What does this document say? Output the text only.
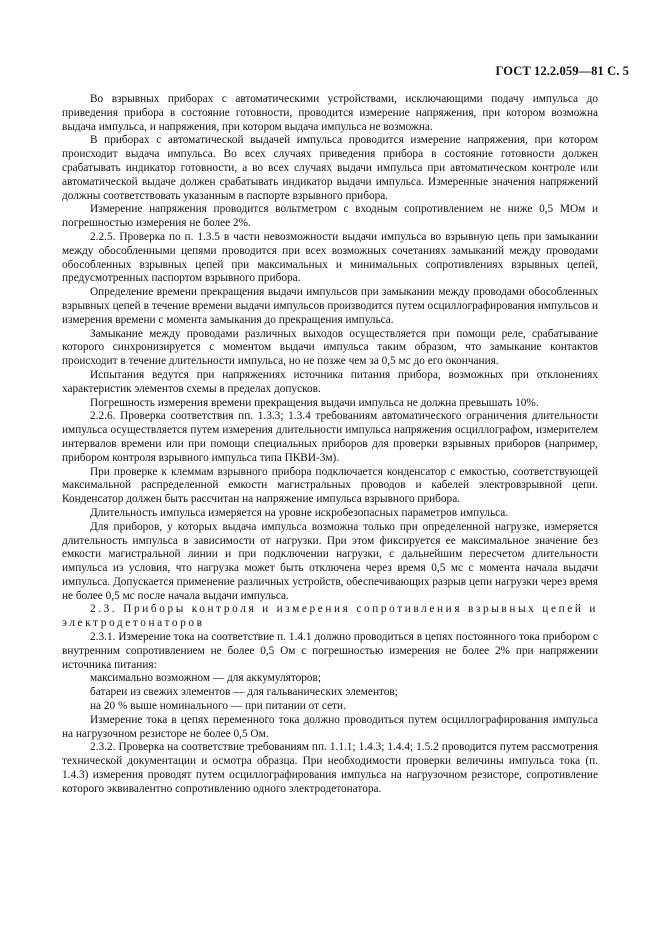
ГОСТ 12.2.059—81 С. 5

Во взрывных приборах с автоматическими устройствами, исключающими подачу импульса до приведения прибора в состояние готовности, проводится измерение напряжения, при котором возможна выдача импульса, и напряжения, при котором выдача импульса не возможна.

В приборах с автоматической выдачей импульса проводится измерение напряжения, при котором происходит выдача импульса. Во всех случаях приведения прибора в состояние готовности должен срабатывать индикатор готовности, а во всех случаях выдачи импульса при автоматическом контроле или автоматической выдаче должен срабатывать индикатор выдачи импульса. Измеренные значения напряжений должны соответствовать указанным в паспорте взрывного прибора.

Измерение напряжения проводится вольтметром с входным сопротивлением не ниже 0,5 МОм и погрешностью измерения не более 2%.

2.2.5. Проверка по п. 1.3.5 в части невозможности выдачи импульса во взрывную цепь при замыкании между обособленными цепями проводится при всех возможных сочетаниях замыканий между проводами обособленных взрывных цепей при максимальных и минимальных сопротивлениях взрывных цепей, предусмотренных паспортом взрывного прибора.

Определение времени прекращения выдачи импульсов при замыкании между проводами обособленных взрывных цепей в течение времени выдачи импульсов производится путем осциллографирования импульсов и измерения времени с момента замыкания до прекращения импульса.

Замыкание между проводами различных выходов осуществляется при помощи реле, срабатывание которого синхронизируется с моментом выдачи импульса таким образом, что замыкание контактов происходит в течение длительности импульса, но не позже чем за 0,5 мс до его окончания.

Испытания ведутся при напряжениях источника питания прибора, возможных при отклонениях характеристик элементов схемы в пределах допусков.

Погрешность измерения времени прекращения выдачи импульса не должна превышать 10%.

2.2.6. Проверка соответствия пп. 1.3.3; 1.3.4 требованиям автоматического ограничения длительности импульса осуществляется путем измерения длительности импульса напряжения осциллографом, измерителем интервалов времени или при помощи специальных приборов для проверки взрывных приборов (например, прибором контроля взрывного импульса типа ПКВИ-3м).

При проверке к клеммам взрывного прибора подключается конденсатор с емкостью, соответствующей максимальной распределенной емкости магистральных проводов и кабелей электровзрывной цепи. Конденсатор должен быть рассчитан на напряжение импульса взрывного прибора.

Длительность импульса измеряется на уровне искробезопасных параметров импульса.

Для приборов, у которых выдача импульса возможна только при определенной нагрузке, измеряется длительность импульса в зависимости от нагрузки. При этом фиксируется ее максимальное значение без емкости магистральной линии и при подключении нагрузки, с дальнейшим пересчетом длительности импульса из условия, что нагрузка может быть отключена через время 0,5 мс с момента начала выдачи импульса. Допускается применение различных устройств, обеспечивающих разрыв цепи нагрузки через время не более 0,5 мс после начала выдачи импульса.

2.3. Приборы контроля и измерения сопротивления взрывных цепей и электродетонаторов

2.3.1. Измерение тока на соответствие п. 1.4.1 должно проводиться в цепях постоянного тока прибором с внутренним сопротивлением не более 0,5 Ом с погрешностью измерения не более 2% при напряжении источника питания:

максимально возможном — для аккумуляторов;

батареи из свежих элементов — для гальванических элементов;

на 20 % выше номинального — при питании от сети.

Измерение тока в цепях переменного тока должно проводиться путем осциллографирования импульса на нагрузочном резисторе не более 0,5 Ом.

2.3.2. Проверка на соответствие требованиям пп. 1.1.1; 1.4.3; 1.4.4; 1.5.2 проводится путем рассмотрения технической документации и осмотра образца. При необходимости проверки величины импульса тока (п. 1.4.3) измерения проводят путем осциллографирования импульса на нагрузочном резисторе, сопротивление которого эквивалентно сопротивлению одного электродетонатора.
